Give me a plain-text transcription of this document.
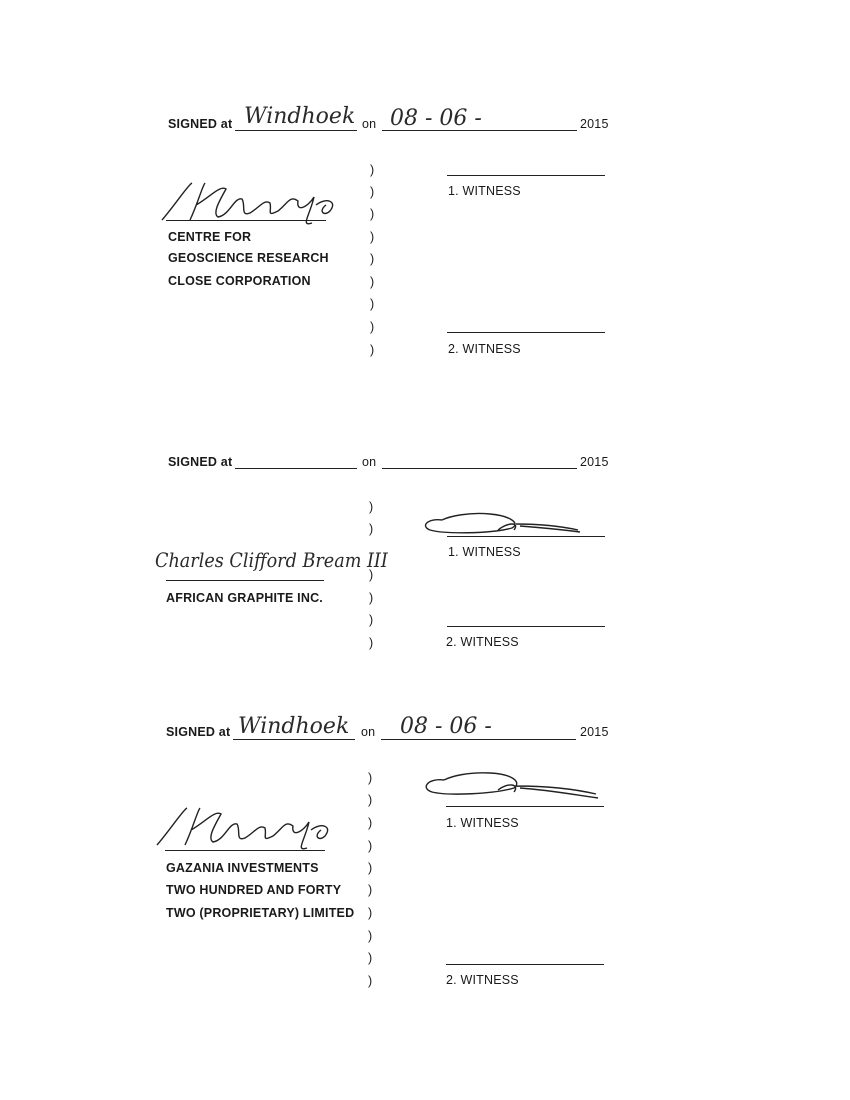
SIGNED at Windhoek on 08 - 06 -	2015
CENTRE FOR
GEOSCIENCE RESEARCH
CLOSE CORPORATION
)
)
)
)
)
)
)
)
)
1. WITNESS
2. WITNESS
SIGNED at	on	2015
Charles Clifford Bream III
AFRICAN GRAPHITE INC.
)
)
)
)
)
)
1. WITNESS
2. WITNESS
SIGNED at Windhoek on 08 - 06 -	2015
GAZANIA INVESTMENTS
TWO HUNDRED AND FORTY
TWO (PROPRIETARY) LIMITED
)
)
)
)
)
)
)
)
)
)
1. WITNESS
2. WITNESS
